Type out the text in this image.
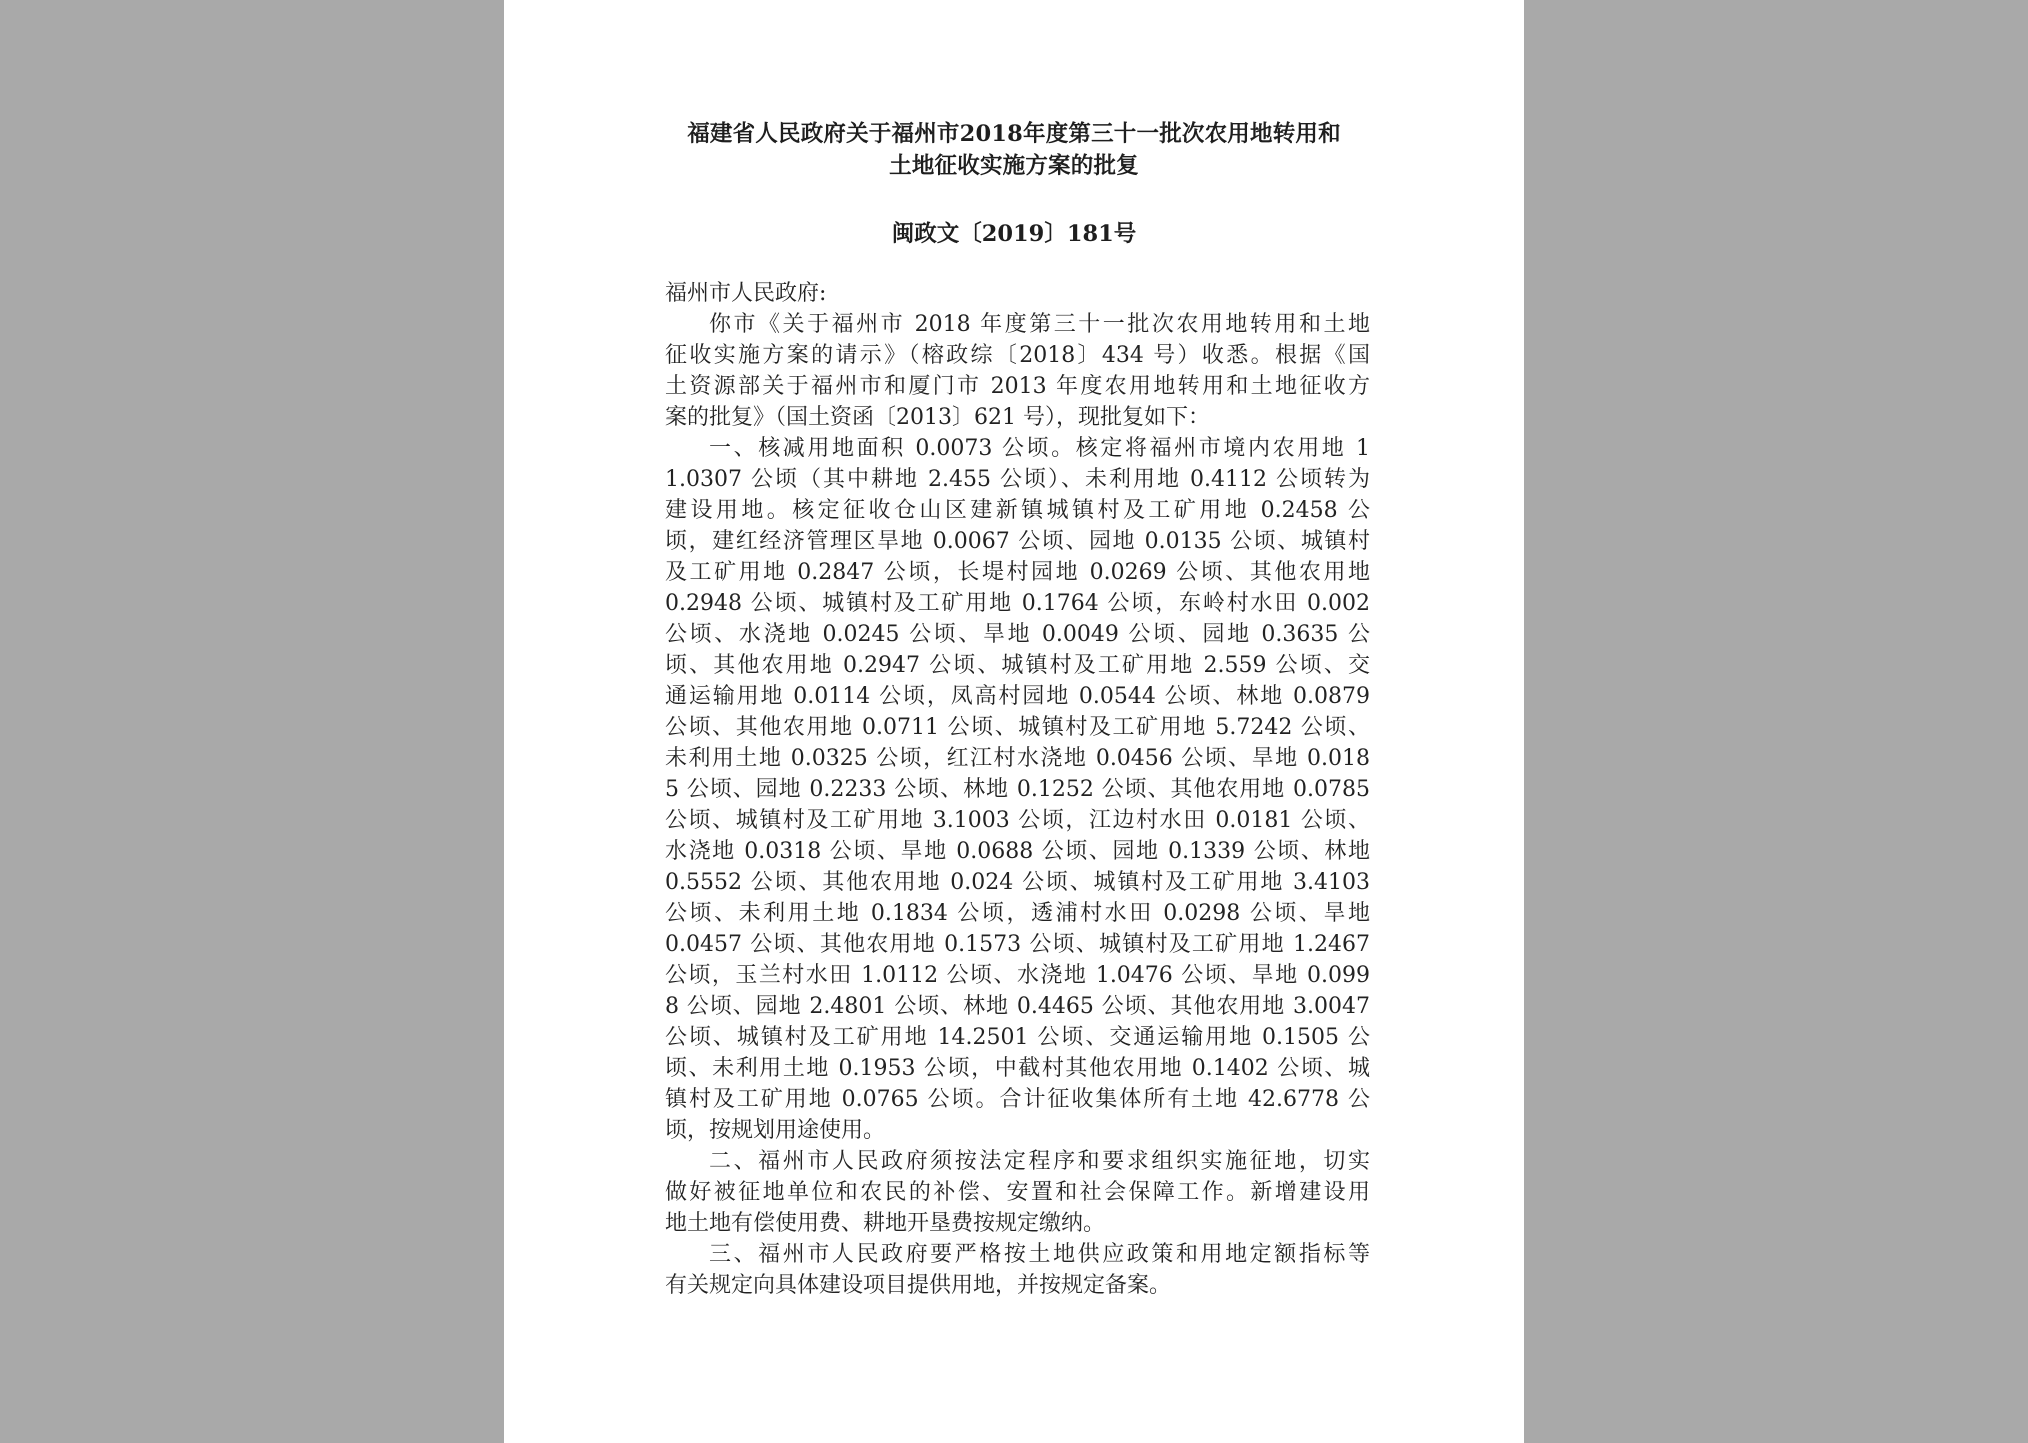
福建省人民政府关于福州市2018年度第三十一批次农用地转用和
土地征收实施方案的批复
闽政文〔2019〕181号
福州市人民政府:
你市《关于福州市 2018 年度第三十一批次农用地转用和土地
征收实施方案的请示》（榕政综〔2018〕434 号）收悉。根据《国
土资源部关于福州市和厦门市 2013 年度农用地转用和土地征收方
案的批复》（国土资函〔2013〕621 号），现批复如下：
一、核减用地面积 0.0073 公顷。核定将福州市境内农用地 1
1.0307 公顷（其中耕地 2.455 公顷）、未利用地 0.4112 公顷转为
建设用地。核定征收仓山区建新镇城镇村及工矿用地 0.2458 公
顷，建红经济管理区旱地 0.0067 公顷、园地 0.0135 公顷、城镇村
及工矿用地 0.2847 公顷，长堤村园地 0.0269 公顷、其他农用地
0.2948 公顷、城镇村及工矿用地 0.1764 公顷，东岭村水田 0.002
公顷、水浇地 0.0245 公顷、旱地 0.0049 公顷、园地 0.3635 公
顷、其他农用地 0.2947 公顷、城镇村及工矿用地 2.559 公顷、交
通运输用地 0.0114 公顷，凤高村园地 0.0544 公顷、林地 0.0879
公顷、其他农用地 0.0711 公顷、城镇村及工矿用地 5.7242 公顷、
未利用土地 0.0325 公顷，红江村水浇地 0.0456 公顷、旱地 0.018
5 公顷、园地 0.2233 公顷、林地 0.1252 公顷、其他农用地 0.0785
公顷、城镇村及工矿用地 3.1003 公顷，江边村水田 0.0181 公顷、
水浇地 0.0318 公顷、旱地 0.0688 公顷、园地 0.1339 公顷、林地
0.5552 公顷、其他农用地 0.024 公顷、城镇村及工矿用地 3.4103
公顷、未利用土地 0.1834 公顷，透浦村水田 0.0298 公顷、旱地
0.0457 公顷、其他农用地 0.1573 公顷、城镇村及工矿用地 1.2467
公顷，玉兰村水田 1.0112 公顷、水浇地 1.0476 公顷、旱地 0.099
8 公顷、园地 2.4801 公顷、林地 0.4465 公顷、其他农用地 3.0047
公顷、城镇村及工矿用地 14.2501 公顷、交通运输用地 0.1505 公
顷、未利用土地 0.1953 公顷，中截村其他农用地 0.1402 公顷、城
镇村及工矿用地 0.0765 公顷。合计征收集体所有土地 42.6778 公
顷，按规划用途使用。
二、福州市人民政府须按法定程序和要求组织实施征地，切实
做好被征地单位和农民的补偿、安置和社会保障工作。新增建设用
地土地有偿使用费、耕地开垦费按规定缴纳。
三、福州市人民政府要严格按土地供应政策和用地定额指标等
有关规定向具体建设项目提供用地，并按规定备案。
